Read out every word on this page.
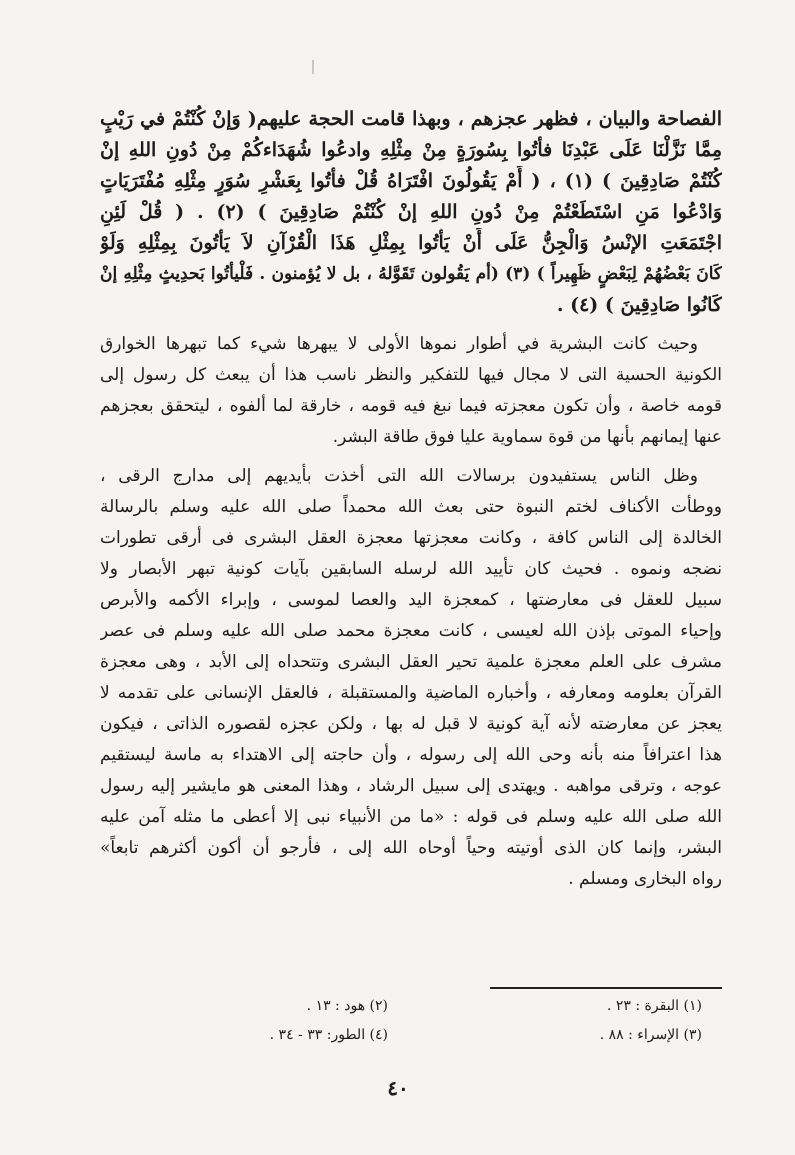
الفصاحة والبيان ، فظهر عجزهم ، وبهذا قامت الحجة عليهم( وَإنْ كُنْتُمْ في رَيْبٍ
مِمَّا نَزَّلْنَا عَلَى عَبْدِنَا فأتُوا بِسُورَةٍ مِنْ مِثْلِهِ وادعُوا شُهَدَاءكُمْ مِنْ دُونِ اللهِ إنْ
كُنْتُمْ صَادِقِينَ ) (١) ، ( أَمْ يَقُولُونَ افْتَرَاهُ قُلْ فأتُوا بِعَشْرِ سُوَرٍ مِثْلِهِ مُفْتَرَيَاتٍ
وَادْعُوا مَنِ اسْتَطَعْتُمْ مِنْ دُونِ اللهِ إنْ كُنْتُمْ صَادِقِينَ ) (٢) . ( قُلْ لَئِنِ
اجْتَمَعَتِ الإنْسُ وَالْجِنُّ عَلَى أَنْ يَأْتُوا بِمِثْلِ هَذَا الْقُرْآنِ لاَ يَأْتُونَ بِمِثْلِهِ وَلَوْ
كَانَ بَعْضُهُمْ لِبَعْضٍ ظَهِيراً ) (٣) (أم يَقُولون تَقَوَّلهُ ، بل لا يُؤمنون . فَلْيأتُوا بَحدِيثٍ مِثْلِهِ إنْ
كَانُوا صَادِقِينَ ) (٤) .
وحيث كانت البشرية في أطوار نموها الأولى لا يبهرها شيء كما تبهرها الخوارق
الكونية الحسية التى لا مجال فيها للتفكير والنظر ناسب هذا أن يبعث كل رسول إلى
قومه خاصة ، وأن تكون معجزته فيما نبغ فيه قومه ، خارقة لما ألفوه ، ليتحقق بعجزهم
عنها إيمانهم بأنها من قوة سماوية عليا فوق طاقة البشر.
وظل الناس يستفيدون برسالات الله التى أخذت بأيديهم إلى مدارج الرقى ،
ووطأت الأكناف لختم النبوة حتى بعث الله محمداً صلى الله عليه وسلم بالرسالة
الخالدة إلى الناس كافة ، وكانت معجزتها معجزة العقل البشرى فى أرقى تطورات
نضجه ونموه . فحيث كان تأييد الله لرسله السابقين بآيات كونية تبهر الأبصار ولا
سبيل للعقل فى معارضتها ، كمعجزة اليد والعصا لموسى ، وإبراء الأكمه والأبرص
وإحياء الموتى بإذن الله لعيسى ، كانت معجزة محمد صلى الله عليه وسلم فى عصر
مشرف على العلم معجزة علمية تحير العقل البشرى وتتحداه إلى الأبد ، وهى معجزة
القرآن بعلومه ومعارفه ، وأخباره الماضية والمستقبلة ، فالعقل الإنسانى على تقدمه لا
يعجز عن معارضته لأنه آية كونية لا قبل له بها ، ولكن عجزه لقصوره الذاتى ، فيكون
هذا اعترافاً منه بأنه وحى الله إلى رسوله ، وأن حاجته إلى الاهتداء به ماسة ليستقيم
عوجه ، وترقى مواهبه . ويهتدى إلى سبيل الرشاد ، وهذا المعنى هو مايشير إليه رسول
الله صلى الله عليه وسلم فى قوله : «ما من الأنبياء نبى إلا أعطى ما مثله آمن عليه
البشر، وإنما كان الذى أوتيته وحياً أوحاه الله إلى ، فأرجو أن أكون أكثرهم تابعاً»
رواه البخارى ومسلم .
(١) البقرة : ٢٣ .
(٢) هود : ١٣ .
(٣) الإسراء : ٨٨ .
(٤) الطور: ٣٣ - ٣٤ .
٤٠
